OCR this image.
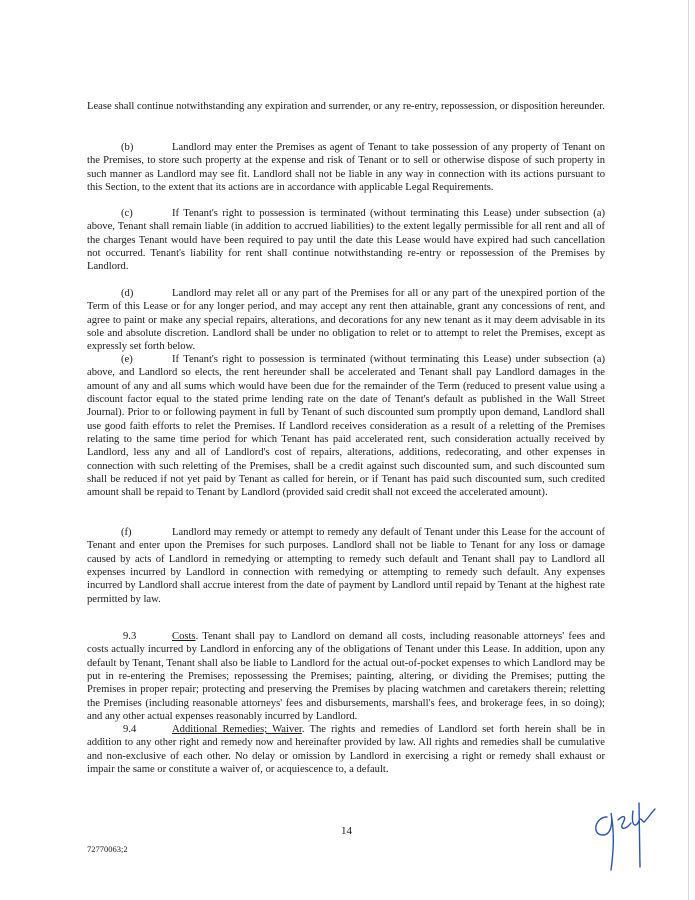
Lease shall continue notwithstanding any expiration and surrender, or any re-entry, repossession, or disposition hereunder.

(b)	Landlord may enter the Premises as agent of Tenant to take possession of any property of Tenant on the Premises, to store such property at the expense and risk of Tenant or to sell or otherwise dispose of such property in such manner as Landlord may see fit. Landlord shall not be liable in any way in connection with its actions pursuant to this Section, to the extent that its actions are in accordance with applicable Legal Requirements.

(c)	If Tenant's right to possession is terminated (without terminating this Lease) under subsection (a) above, Tenant shall remain liable (in addition to accrued liabilities) to the extent legally permissible for all rent and all of the charges Tenant would have been required to pay until the date this Lease would have expired had such cancellation not occurred. Tenant's liability for rent shall continue notwithstanding re-entry or repossession of the Premises by Landlord.

(d)	Landlord may relet all or any part of the Premises for all or any part of the unexpired portion of the Term of this Lease or for any longer period, and may accept any rent then attainable, grant any concessions of rent, and agree to paint or make any special repairs, alterations, and decorations for any new tenant as it may deem advisable in its sole and absolute discretion. Landlord shall be under no obligation to relet or to attempt to relet the Premises, except as expressly set forth below.

(e)	If Tenant's right to possession is terminated (without terminating this Lease) under subsection (a) above, and Landlord so elects, the rent hereunder shall be accelerated and Tenant shall pay Landlord damages in the amount of any and all sums which would have been due for the remainder of the Term (reduced to present value using a discount factor equal to the stated prime lending rate on the date of Tenant's default as published in the Wall Street Journal). Prior to or following payment in full by Tenant of such discounted sum promptly upon demand, Landlord shall use good faith efforts to relet the Premises. If Landlord receives consideration as a result of a reletting of the Premises relating to the same time period for which Tenant has paid accelerated rent, such consideration actually received by Landlord, less any and all of Landlord's cost of repairs, alterations, additions, redecorating, and other expenses in connection with such reletting of the Premises, shall be a credit against such discounted sum, and such discounted sum shall be reduced if not yet paid by Tenant as called for herein, or if Tenant has paid such discounted sum, such credited amount shall be repaid to Tenant by Landlord (provided said credit shall not exceed the accelerated amount).

(f)	Landlord may remedy or attempt to remedy any default of Tenant under this Lease for the account of Tenant and enter upon the Premises for such purposes. Landlord shall not be liable to Tenant for any loss or damage caused by acts of Landlord in remedying or attempting to remedy such default and Tenant shall pay to Landlord all expenses incurred by Landlord in connection with remedying or attempting to remedy such default. Any expenses incurred by Landlord shall accrue interest from the date of payment by Landlord until repaid by Tenant at the highest rate permitted by law.

9.3	Costs. Tenant shall pay to Landlord on demand all costs, including reasonable attorneys' fees and costs actually incurred by Landlord in enforcing any of the obligations of Tenant under this Lease. In addition, upon any default by Tenant, Tenant shall also be liable to Landlord for the actual out-of-pocket expenses to which Landlord may be put in re-entering the Premises; repossessing the Premises; painting, altering, or dividing the Premises; putting the Premises in proper repair; protecting and preserving the Premises by placing watchmen and caretakers therein; reletting the Premises (including reasonable attorneys' fees and disbursements, marshall's fees, and brokerage fees, in so doing); and any other actual expenses reasonably incurred by Landlord.

9.4	Additional Remedies; Waiver. The rights and remedies of Landlord set forth herein shall be in addition to any other right and remedy now and hereinafter provided by law. All rights and remedies shall be cumulative and non-exclusive of each other. No delay or omission by Landlord in exercising a right or remedy shall exhaust or impair the same or constitute a waiver of, or acquiescence to, a default.

14
72770063;2
